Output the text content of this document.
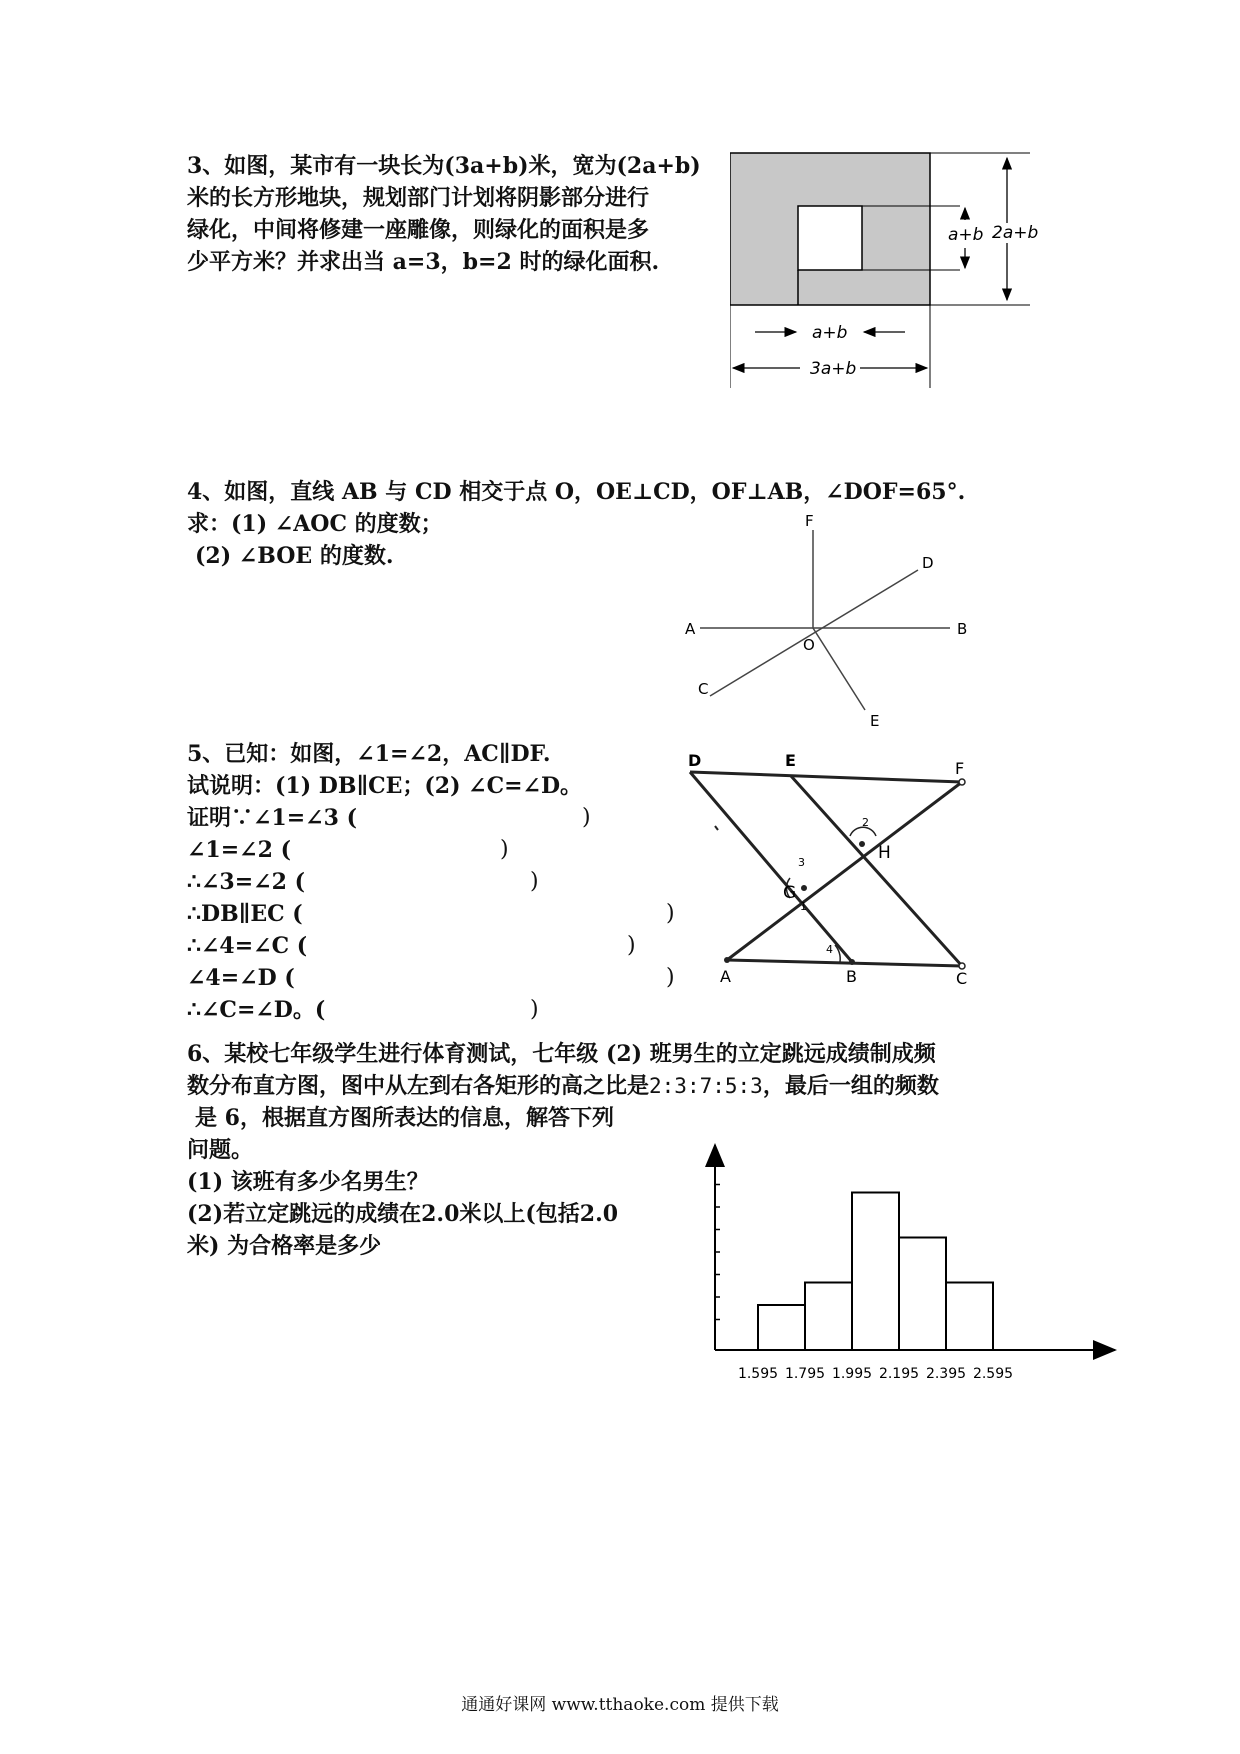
3、如图，某市有一块长为(3a+b)米，宽为(2a+b)
米的长方形地块，规划部门计划将阴影部分进行
绿化，中间将修建一座雕像，则绿化的面积是多
少平方米？并求出当 a=3，b=2 时的绿化面积.
2a+b
a+b
a+b
3a+b
4、如图，直线 AB 与 CD 相交于点 O，OE⊥CD，OF⊥AB，∠DOF=65°.
求：(1) ∠AOC 的度数；
(2) ∠BOE 的度数.
A	B
C
D
E
F
O
5、已知：如图，∠1=∠2，AC∥DF.
试说明：(1) DB∥CE；(2) ∠C=∠D。
证明∵∠1=∠3 (
∠1=∠2 (
∴∠3=∠2 (
∴DB∥EC (
∴∠4=∠C (
∠4=∠D (
∴∠C=∠D。(
)
)
)
)
)
)
)
D	E	F
A	B	C
G
H
2
3
1
4
6、某校七年级学生进行体育测试，七年级 (2) 班男生的立定跳远成绩制成频
数分布直方图，图中从左到右各矩形的高之比是2:3:7:5:3，最后一组的频数
是 6，根据直方图所表达的信息，解答下列
问题。
(1) 该班有多少名男生？
(2)若立定跳远的成绩在2.0米以上(包括2.0
米) 为合格率是多少
1.595 1.795 1.995 2.195 2.395 2.595
通通好课网 www.tthaoke.com 提供下载
